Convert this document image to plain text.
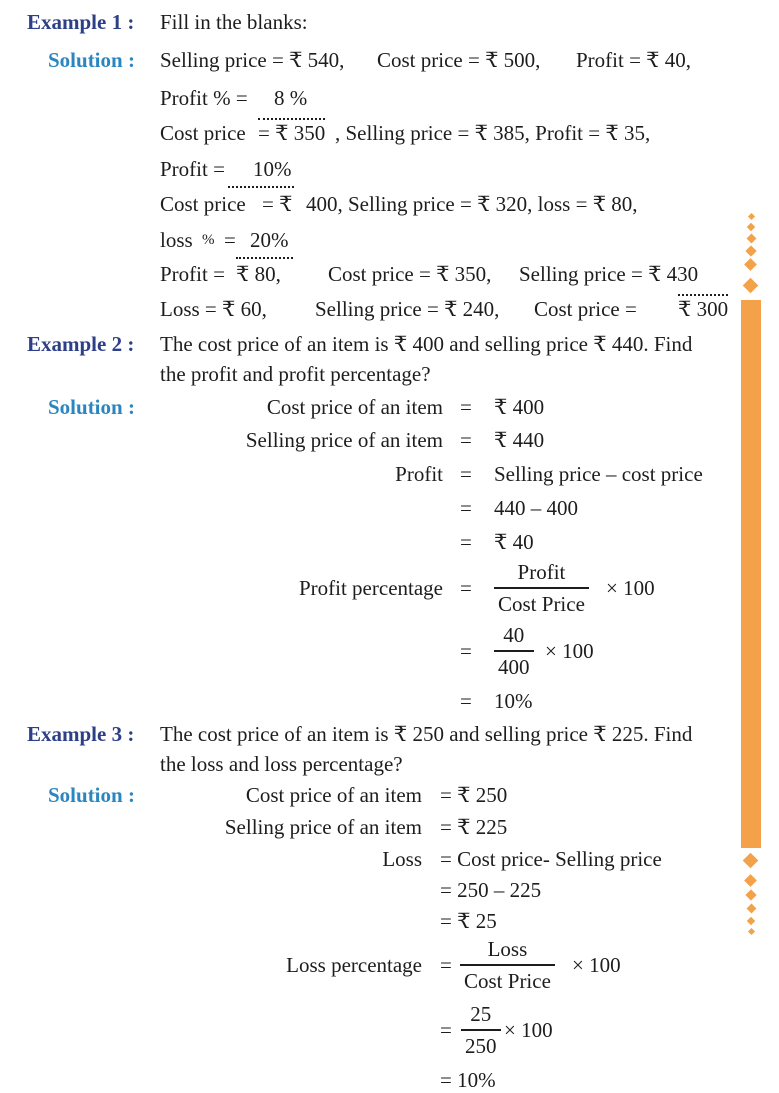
Example 1 : Fill in the blanks:
Solution : Selling price = ₹ 540, Cost price = ₹ 500, Profit = ₹ 40,
Profit % = 8 %
Cost price = ₹ 350 , Selling price = ₹ 385, Profit = ₹ 35,
Profit =	10%
Cost price = ₹ 400, Selling price = ₹ 320, loss = ₹ 80,
loss % = 20%
Profit = ₹ 80, Cost price = ₹ 350, Selling price = ₹ 430
Loss = ₹ 60, Selling price = ₹ 240, Cost price = ₹ 300
Example 2 : The cost price of an item is ₹ 400 and selling price ₹ 440. Find
the profit and profit percentage?
Solution :	Cost price of an item = ₹ 400
Selling price of an item = ₹ 440
Profit = Selling price – cost price
= 440 – 400
= ₹ 40
Profit percentage =
Profit
Cost Price
× 100
=
40
400
× 100
= 10%
Example 3 : The cost price of an item is ₹ 250 and selling price ₹ 225. Find
the loss and loss percentage?
Solution :	Cost price of an item = ₹ 250
Selling price of an item = ₹ 225
Loss = Cost price- Selling price
= 250 – 225
= ₹ 25
Loss percentage =
Loss
Cost Price
× 100
=
25
250
× 100
= 10%
